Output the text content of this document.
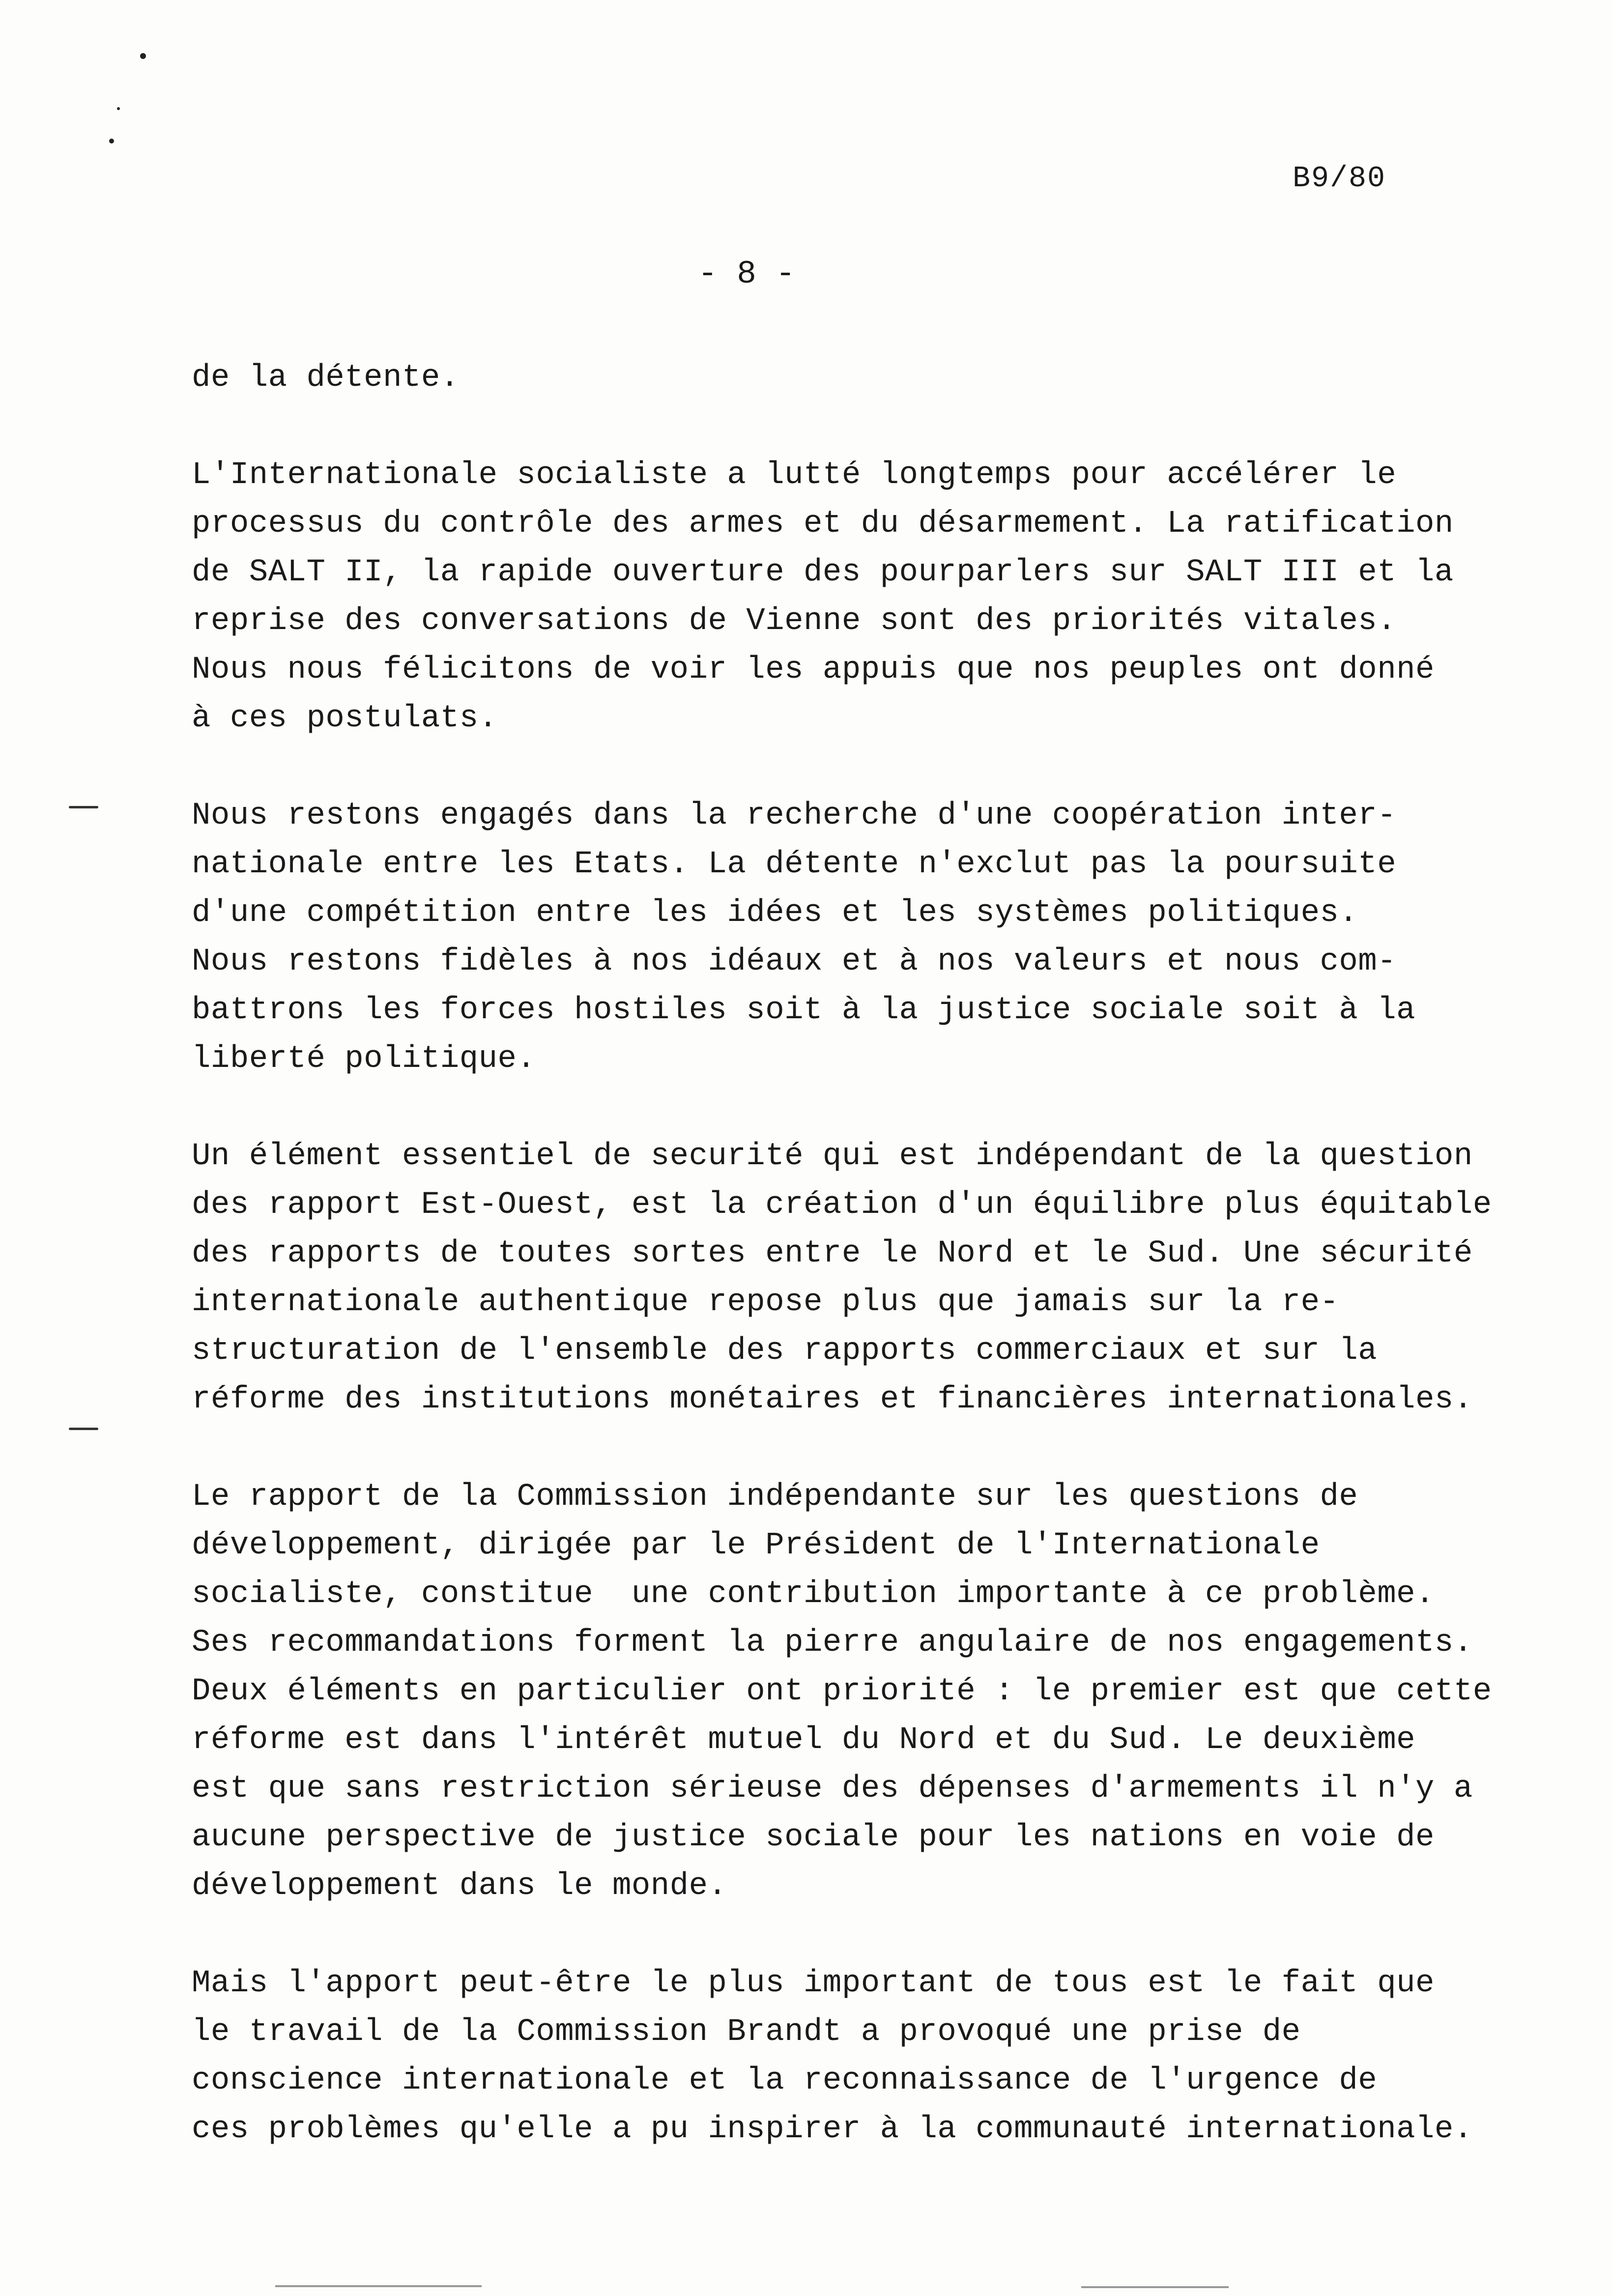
B9/80
- 8 -
de la détente.
L'Internationale socialiste a lutté longtemps pour accélérer le
processus du contrôle des armes et du désarmement. La ratification
de SALT II, la rapide ouverture des pourparlers sur SALT III et la
reprise des conversations de Vienne sont des priorités vitales.
Nous nous félicitons de voir les appuis que nos peuples ont donné
à ces postulats.
Nous restons engagés dans la recherche d'une coopération inter-
nationale entre les Etats. La détente n'exclut pas la poursuite
d'une compétition entre les idées et les systèmes politiques.
Nous restons fidèles à nos idéaux et à nos valeurs et nous com-
battrons les forces hostiles soit à la justice sociale soit à la
liberté politique.
Un élément essentiel de securité qui est indépendant de la question
des rapport Est-Ouest, est la création d'un équilibre plus équitable
des rapports de toutes sortes entre le Nord et le Sud. Une sécurité
internationale authentique repose plus que jamais sur la re-
structuration de l'ensemble des rapports commerciaux et sur la
réforme des institutions monétaires et financières internationales.
Le rapport de la Commission indépendante sur les questions de
développement, dirigée par le Président de l'Internationale
socialiste, constitue  une contribution importante à ce problème.
Ses recommandations forment la pierre angulaire de nos engagements.
Deux éléments en particulier ont priorité : le premier est que cette
réforme est dans l'intérêt mutuel du Nord et du Sud. Le deuxième
est que sans restriction sérieuse des dépenses d'armements il n'y a
aucune perspective de justice sociale pour les nations en voie de
développement dans le monde.
Mais l'apport peut-être le plus important de tous est le fait que
le travail de la Commission Brandt a provoqué une prise de
conscience internationale et la reconnaissance de l'urgence de
ces problèmes qu'elle a pu inspirer à la communauté internationale.
